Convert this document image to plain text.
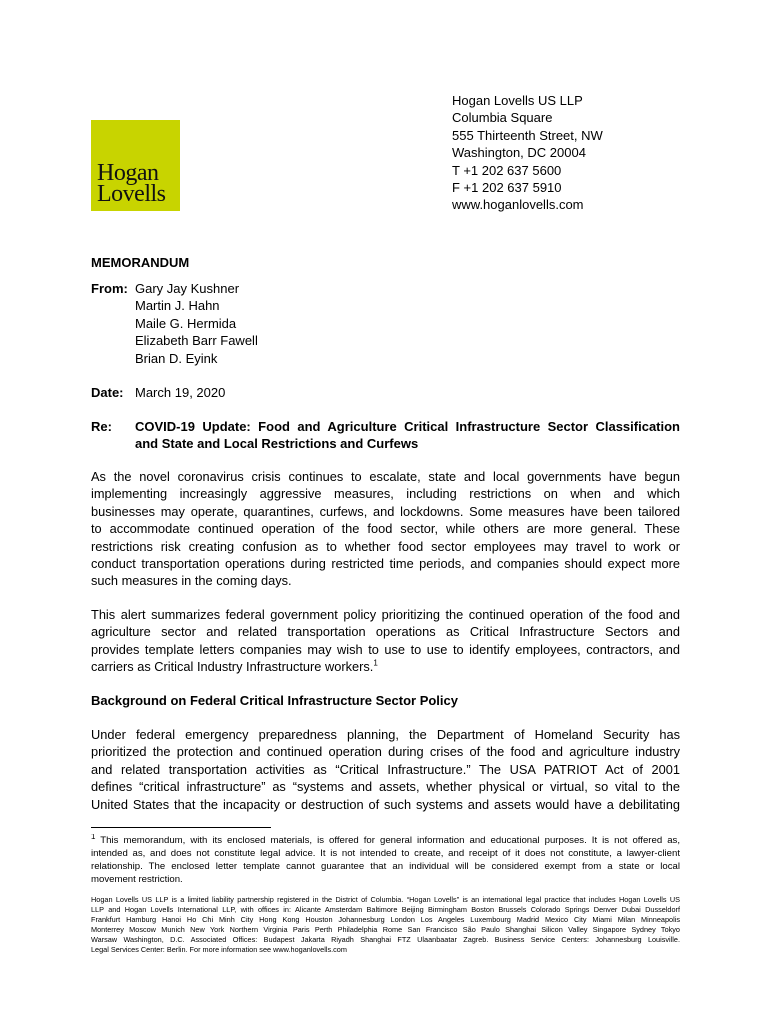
Hogan
Lovells
Hogan Lovells US LLP
Columbia Square
555 Thirteenth Street, NW
Washington, DC 20004
T +1 202 637 5600
F +1 202 637 5910
www.hoganlovells.com
MEMORANDUM
From: Gary Jay Kushner
Martin J. Hahn
Maile G. Hermida
Elizabeth Barr Fawell
Brian D. Eyink
Date: March 19, 2020
Re: COVID-19 Update: Food and Agriculture Critical Infrastructure Sector Classification
and State and Local Restrictions and Curfews
As the novel coronavirus crisis continues to escalate, state and local governments have begun
implementing increasingly aggressive measures, including restrictions on when and which
businesses may operate, quarantines, curfews, and lockdowns. Some measures have been tailored
to accommodate continued operation of the food sector, while others are more general. These
restrictions risk creating confusion as to whether food sector employees may travel to work or
conduct transportation operations during restricted time periods, and companies should expect more
such measures in the coming days.
This alert summarizes federal government policy prioritizing the continued operation of the food and
agriculture sector and related transportation operations as Critical Infrastructure Sectors and
provides template letters companies may wish to use to use to identify employees, contractors, and
carriers as Critical Industry Infrastructure workers.$^1$
Background on Federal Critical Infrastructure Sector Policy
Under federal emergency preparedness planning, the Department of Homeland Security has
prioritized the protection and continued operation during crises of the food and agriculture industry
and related transportation activities as “Critical Infrastructure.” The USA PATRIOT Act of 2001
defines “critical infrastructure” as “systems and assets, whether physical or virtual, so vital to the
United States that the incapacity or destruction of such systems and assets would have a debilitating
$^1$ This memorandum, with its enclosed materials, is offered for general information and educational purposes. It is not offered as,
intended as, and does not constitute legal advice. It is not intended to create, and receipt of it does not constitute, a lawyer-client
relationship. The enclosed letter template cannot guarantee that an individual will be considered exempt from a state or local
movement restriction.
Hogan Lovells US LLP is a limited liability partnership registered in the District of Columbia. “Hogan Lovells” is an international legal practice that includes Hogan Lovells US
LLP and Hogan Lovells International LLP, with offices in: Alicante Amsterdam Baltimore Beijing Birmingham Boston Brussels Colorado Springs Denver Dubai Dusseldorf
Frankfurt Hamburg Hanoi Ho Chi Minh City Hong Kong Houston Johannesburg London Los Angeles Luxembourg Madrid Mexico City Miami Milan Minneapolis
Monterrey Moscow Munich New York Northern Virginia Paris Perth Philadelphia Rome San Francisco São Paulo Shanghai Silicon Valley Singapore Sydney Tokyo
Warsaw Washington, D.C. Associated Offices: Budapest Jakarta Riyadh Shanghai FTZ Ulaanbaatar Zagreb. Business Service Centers: Johannesburg Louisville.
Legal Services Center: Berlin. For more information see www.hoganlovells.com
